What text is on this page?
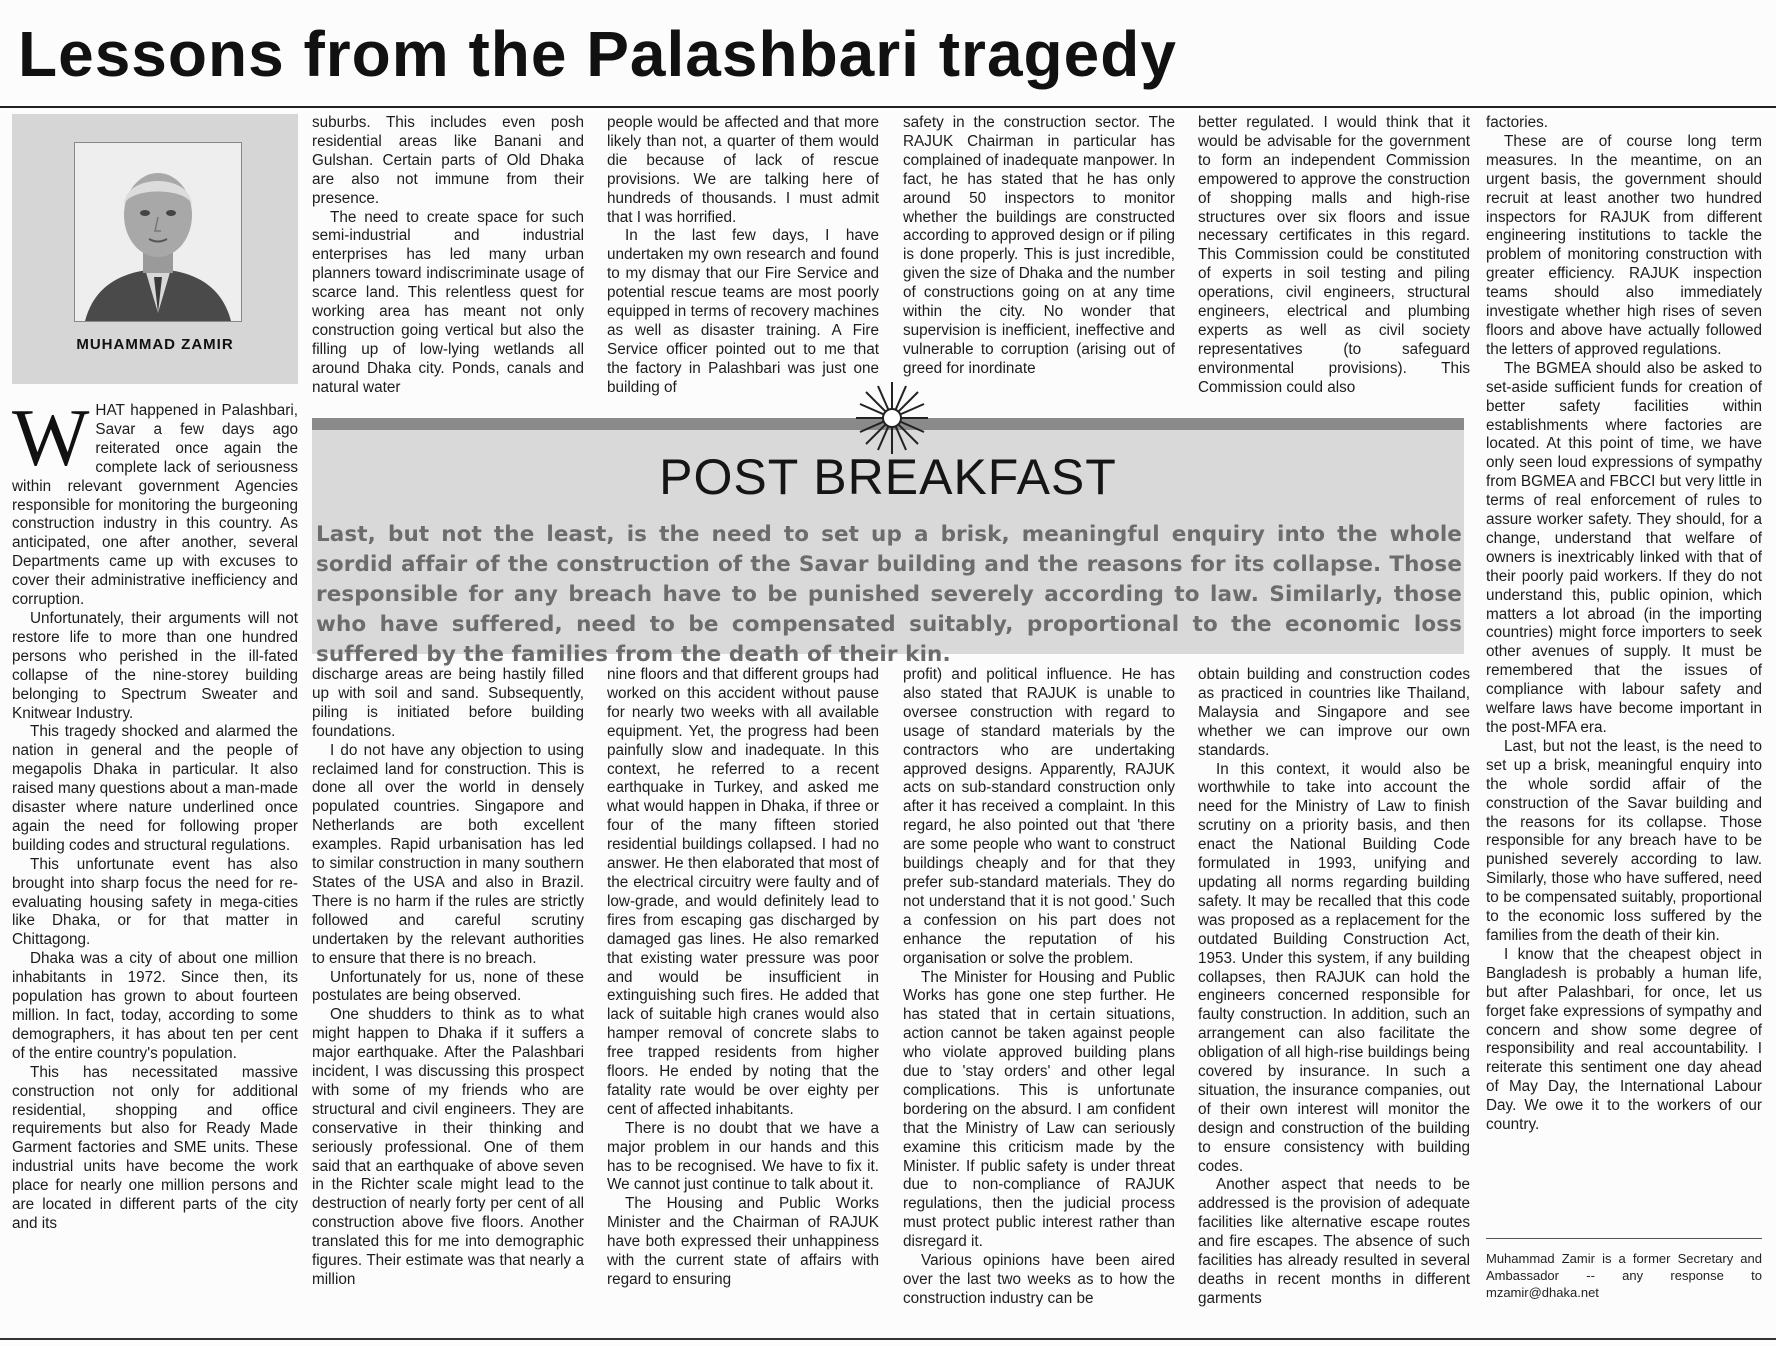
Lessons from the Palashbari tragedy
MUHAMMAD ZAMIR

WHAT happened in Palashbari, Savar a few days ago reiterated once again the complete lack of seriousness within relevant government Agencies responsible for monitoring the burgeoning construction industry in this country. As anticipated, one after another, several Departments came up with excuses to cover their administrative inefficiency and corruption.

Unfortunately, their arguments will not restore life to more than one hundred persons who perished in the ill-fated collapse of the nine-storey building belonging to Spectrum Sweater and Knitwear Industry.

This tragedy shocked and alarmed the nation in general and the people of megapolis Dhaka in particular. It also raised many questions about a man-made disaster where nature underlined once again the need for following proper building codes and structural regulations.

This unfortunate event has also brought into sharp focus the need for re-evaluating housing safety in mega-cities like Dhaka, or for that matter in Chittagong.

Dhaka was a city of about one million inhabitants in 1972. Since then, its population has grown to about fourteen million. In fact, today, according to some demographers, it has about ten per cent of the entire country's population.

This has necessitated massive construction not only for additional residential, shopping and office requirements but also for Ready Made Garment factories and SME units. These industrial units have become the work place for nearly one million persons and are located in different parts of the city and its

suburbs. This includes even posh residential areas like Banani and Gulshan. Certain parts of Old Dhaka are also not immune from their presence.

The need to create space for such semi-industrial and industrial enterprises has led many urban planners toward indiscriminate usage of scarce land. This relentless quest for working area has meant not only construction going vertical but also the filling up of low-lying wetlands all around Dhaka city. Ponds, canals and natural water

people would be affected and that more likely than not, a quarter of them would die because of lack of rescue provisions. We are talking here of hundreds of thousands. I must admit that I was horrified.

In the last few days, I have undertaken my own research and found to my dismay that our Fire Service and potential rescue teams are most poorly equipped in terms of recovery machines as well as disaster training. A Fire Service officer pointed out to me that the factory in Palashbari was just one building of

safety in the construction sector. The RAJUK Chairman in particular has complained of inadequate manpower. In fact, he has stated that he has only around 50 inspectors to monitor whether the buildings are constructed according to approved design or if piling is done properly. This is just incredible, given the size of Dhaka and the number of constructions going on at any time within the city. No wonder that supervision is inefficient, ineffective and vulnerable to corruption (arising out of greed for inordinate

better regulated. I would think that it would be advisable for the government to form an independent Commission empowered to approve the construction of shopping malls and high-rise structures over six floors and issue necessary certificates in this regard. This Commission could be constituted of experts in soil testing and piling operations, civil engineers, structural engineers, electrical and plumbing experts as well as civil society representatives (to safeguard environmental provisions). This Commission could also

POST BREAKFAST
Last, but not the least, is the need to set up a brisk, meaningful enquiry into the whole sordid affair of the construction of the Savar building and the reasons for its collapse. Those responsible for any breach have to be punished severely according to law. Similarly, those who have suffered, need to be compensated suitably, proportional to the economic loss suffered by the families from the death of their kin.

discharge areas are being hastily filled up with soil and sand. Subsequently, piling is initiated before building foundations.

I do not have any objection to using reclaimed land for construction. This is done all over the world in densely populated countries. Singapore and Netherlands are both excellent examples. Rapid urbanisation has led to similar construction in many southern States of the USA and also in Brazil. There is no harm if the rules are strictly followed and careful scrutiny undertaken by the relevant authorities to ensure that there is no breach.

Unfortunately for us, none of these postulates are being observed.

One shudders to think as to what might happen to Dhaka if it suffers a major earthquake. After the Palashbari incident, I was discussing this prospect with some of my friends who are structural and civil engineers. They are conservative in their thinking and seriously professional. One of them said that an earthquake of above seven in the Richter scale might lead to the destruction of nearly forty per cent of all construction above five floors. Another translated this for me into demographic figures. Their estimate was that nearly a million

nine floors and that different groups had worked on this accident without pause for nearly two weeks with all available equipment. Yet, the progress had been painfully slow and inadequate. In this context, he referred to a recent earthquake in Turkey, and asked me what would happen in Dhaka, if three or four of the many fifteen storied residential buildings collapsed. I had no answer. He then elaborated that most of the electrical circuitry were faulty and of low-grade, and would definitely lead to fires from escaping gas discharged by damaged gas lines. He also remarked that existing water pressure was poor and would be insufficient in extinguishing such fires. He added that lack of suitable high cranes would also hamper removal of concrete slabs to free trapped residents from higher floors. He ended by noting that the fatality rate would be over eighty per cent of affected inhabitants.

There is no doubt that we have a major problem in our hands and this has to be recognised. We have to fix it. We cannot just continue to talk about it.

The Housing and Public Works Minister and the Chairman of RAJUK have both expressed their unhappiness with the current state of affairs with regard to ensuring

profit) and political influence. He has also stated that RAJUK is unable to oversee construction with regard to usage of standard materials by the contractors who are undertaking approved designs. Apparently, RAJUK acts on sub-standard construction only after it has received a complaint. In this regard, he also pointed out that 'there are some people who want to construct buildings cheaply and for that they prefer sub-standard materials. They do not understand that it is not good.' Such a confession on his part does not enhance the reputation of his organisation or solve the problem.

The Minister for Housing and Public Works has gone one step further. He has stated that in certain situations, action cannot be taken against people who violate approved building plans due to 'stay orders' and other legal complications. This is unfortunate bordering on the absurd. I am confident that the Ministry of Law can seriously examine this criticism made by the Minister. If public safety is under threat due to non-compliance of RAJUK regulations, then the judicial process must protect public interest rather than disregard it.

Various opinions have been aired over the last two weeks as to how the construction industry can be

obtain building and construction codes as practiced in countries like Thailand, Malaysia and Singapore and see whether we can improve our own standards.

In this context, it would also be worthwhile to take into account the need for the Ministry of Law to finish scrutiny on a priority basis, and then enact the National Building Code formulated in 1993, unifying and updating all norms regarding building safety. It may be recalled that this code was proposed as a replacement for the outdated Building Construction Act, 1953. Under this system, if any building collapses, then RAJUK can hold the engineers concerned responsible for faulty construction. In addition, such an arrangement can also facilitate the obligation of all high-rise buildings being covered by insurance. In such a situation, the insurance companies, out of their own interest will monitor the design and construction of the building to ensure consistency with building codes.

Another aspect that needs to be addressed is the provision of adequate facilities like alternative escape routes and fire escapes. The absence of such facilities has already resulted in several deaths in recent months in different garments

factories.

These are of course long term measures. In the meantime, on an urgent basis, the government should recruit at least another two hundred inspectors for RAJUK from different engineering institutions to tackle the problem of monitoring construction with greater efficiency. RAJUK inspection teams should also immediately investigate whether high rises of seven floors and above have actually followed the letters of approved regulations.

The BGMEA should also be asked to set-aside sufficient funds for creation of better safety facilities within establishments where factories are located. At this point of time, we have only seen loud expressions of sympathy from BGMEA and FBCCI but very little in terms of real enforcement of rules to assure worker safety. They should, for a change, understand that welfare of owners is inextricably linked with that of their poorly paid workers. If they do not understand this, public opinion, which matters a lot abroad (in the importing countries) might force importers to seek other avenues of supply. It must be remembered that the issues of compliance with labour safety and welfare laws have become important in the post-MFA era.

Last, but not the least, is the need to set up a brisk, meaningful enquiry into the whole sordid affair of the construction of the Savar building and the reasons for its collapse. Those responsible for any breach have to be punished severely according to law. Similarly, those who have suffered, need to be compensated suitably, proportional to the economic loss suffered by the families from the death of their kin.

I know that the cheapest object in Bangladesh is probably a human life, but after Palashbari, for once, let us forget fake expressions of sympathy and concern and show some degree of responsibility and real accountability. I reiterate this sentiment one day ahead of May Day, the International Labour Day. We owe it to the workers of our country.

Muhammad Zamir is a former Secretary and Ambassador -- any response to mzamir@dhaka.net
